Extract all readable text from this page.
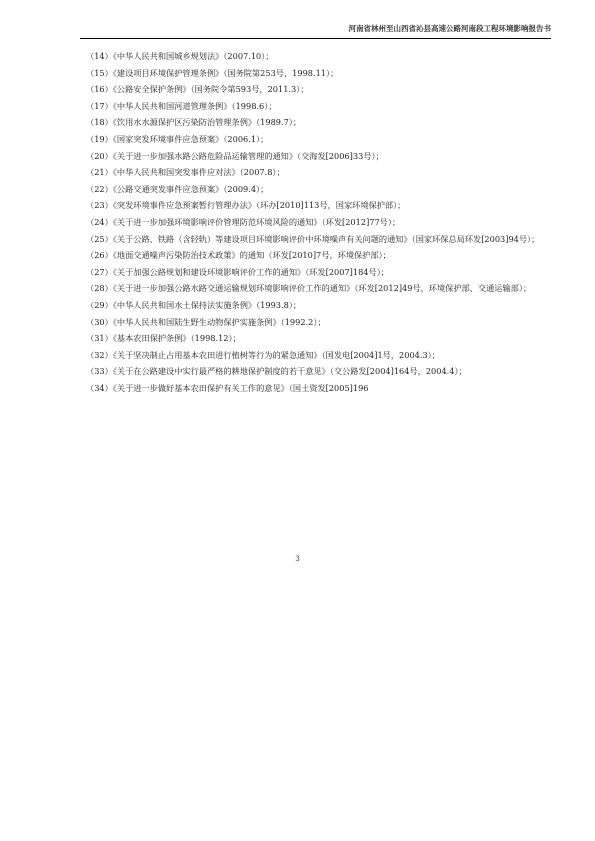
河南省林州至山西省沁县高速公路河南段工程环境影响报告书

（14）《中华人民共和国城乡规划法》（2007.10）；

（15）《建设项目环境保护管理条例》（国务院第253号，1998.11）；

（16）《公路安全保护条例》（国务院令第593号，2011.3）；

（17）《中华人民共和国河道管理条例》（1998.6）；

（18）《饮用水水源保护区污染防治管理条例》（1989.7）；

（19）《国家突发环境事件应急预案》（2006.1）；

（20）《关于进一步加强水路公路危险品运输管理的通知》（交海发[2006]33号）；

（21）《中华人民共和国突发事件应对法》（2007.8）；

（22）《公路交通突发事件应急预案》（2009.4）；

（23）《突发环境事件应急预案暂行管理办法》（环办[2010]113号，国家环境保护部）；

（24）《关于进一步加强环境影响评价管理防范环境风险的通知》（环发[2012]77号）；

（25）《关于公路、铁路（含轻轨）等建设项目环境影响评价中环境噪声有关问题的通知》（国家环保总局环发[2003]94号）；

（26）《地面交通噪声污染防治技术政策》的通知（环发[2010]7号，环境保护部）；

（27）《关于加强公路规划和建设环境影响评价工作的通知》（环发[2007]184号）；

（28）《关于进一步加强公路水路交通运输规划环境影响评价工作的通知》（环发[2012]49号，环境保护部、交通运输部）；

（29）《中华人民共和国水土保持法实施条例》（1993.8）；

（30）《中华人民共和国陆生野生动物保护实施条例》（1992.2）；

（31）《基本农田保护条例》（1998.12）；

（32）《关于坚决制止占用基本农田进行植树等行为的紧急通知》（国发电[2004]1号，2004.3）；

（33）《关于在公路建设中实行最严格的耕地保护制度的若干意见》（交公路发[2004]164号，2004.4）；

（34）《关于进一步做好基本农田保护有关工作的意见》（国土资发[2005]196

3
